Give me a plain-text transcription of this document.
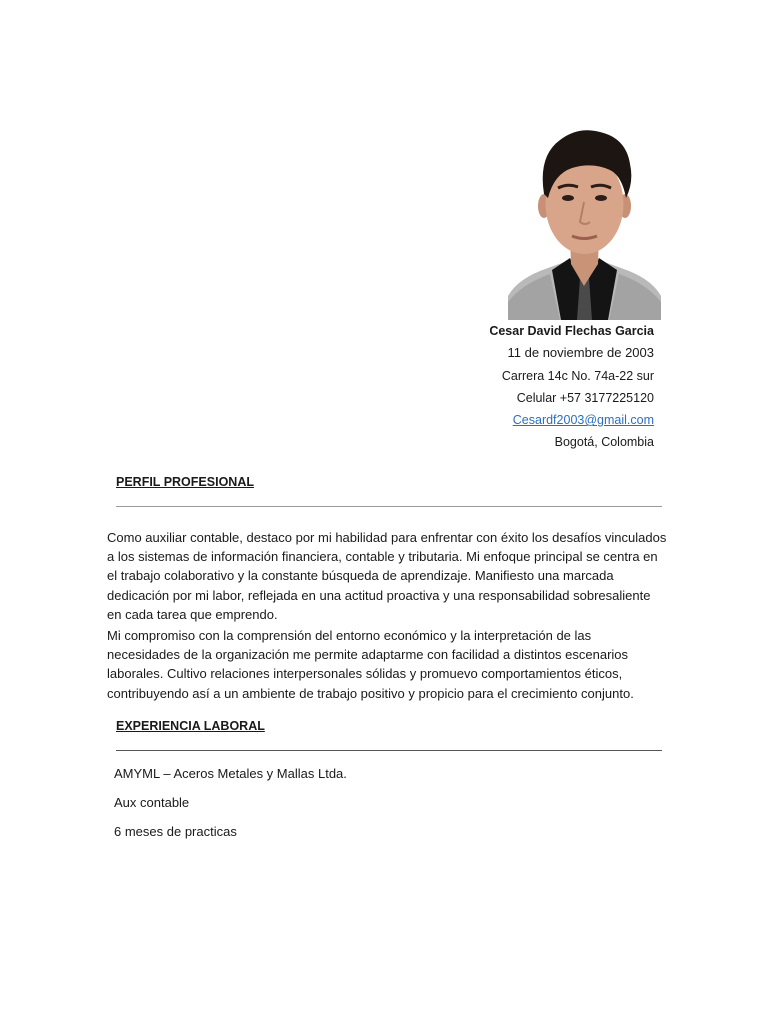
Cesar David Flechas Garcia
11 de noviembre de 2003
Carrera 14c No. 74a-22 sur
Celular +57 3177225120
Cesardf2003@gmail.com
Bogotá, Colombia
PERFIL PROFESIONAL

Como auxiliar contable, destaco por mi habilidad para enfrentar con éxito los desafíos vinculados a los sistemas de información financiera, contable y tributaria. Mi enfoque principal se centra en el trabajo colaborativo y la constante búsqueda de aprendizaje. Manifiesto una marcada dedicación por mi labor, reflejada en una actitud proactiva y una responsabilidad sobresaliente en cada tarea que emprendo.

Mi compromiso con la comprensión del entorno económico y la interpretación de las necesidades de la organización me permite adaptarme con facilidad a distintos escenarios laborales. Cultivo relaciones interpersonales sólidas y promuevo comportamientos éticos, contribuyendo así a un ambiente de trabajo positivo y propicio para el crecimiento conjunto.

EXPERIENCIA LABORAL
AMYML – Aceros Metales y Mallas Ltda.
Aux contable
6 meses de practicas
